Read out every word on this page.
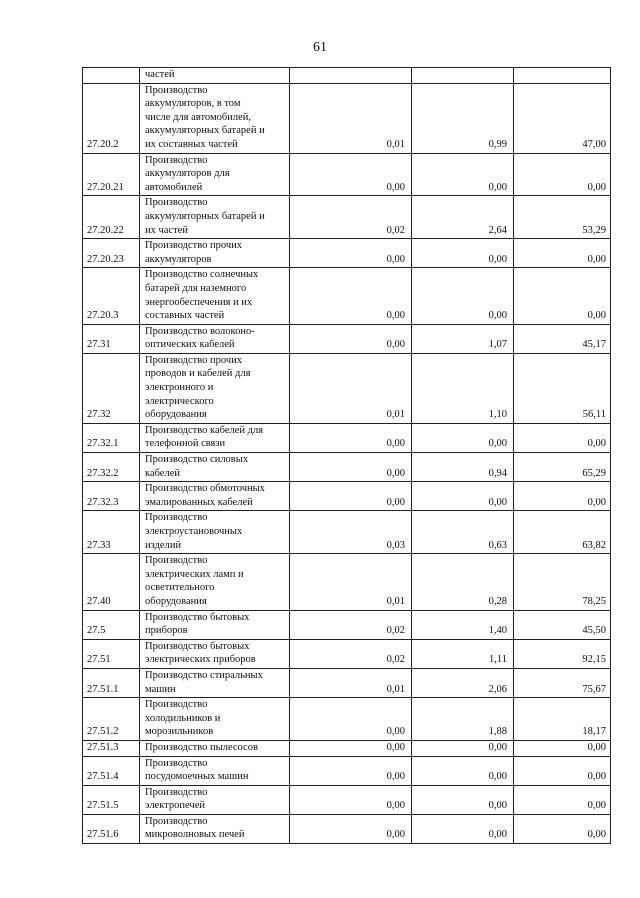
61
	частей			
27.20.2	Производство
аккумуляторов, в том
числе для автомобилей,
аккумуляторных батарей и
их составных частей	0,01	0,99	47,00
27.20.21	Производство
аккумуляторов для
автомобилей	0,00	0,00	0,00
27.20.22	Производство
аккумуляторных батарей и
их частей	0,02	2,64	53,29
27.20.23	Производство прочих
аккумуляторов	0,00	0,00	0,00
27.20.3	Производство солнечных
батарей для наземного
энергообеспечения и их
составных частей	0,00	0,00	0,00
27.31	Производство волоконо-
оптических кабелей	0,00	1,07	45,17
27.32	Производство прочих
проводов и кабелей для
электронного и
электрического
оборудования	0,01	1,10	56,11
27.32.1	Производство кабелей для
телефонной связи	0,00	0,00	0,00
27.32.2	Производство силовых
кабелей	0,00	0,94	65,29
27.32.3	Производство обмоточных
эмалированных кабелей	0,00	0,00	0,00
27.33	Производство
электроустановочных
изделий	0,03	0,63	63,82
27.40	Производство
электрических ламп и
осветительного
оборудования	0,01	0,28	78,25
27.5	Производство бытовых
приборов	0,02	1,40	45,50
27.51	Производство бытовых
электрических приборов	0,02	1,11	92,15
27.51.1	Производство стиральных
машин	0,01	2,06	75,67
27.51.2	Производство
холодильников и
морозильников	0,00	1,88	18,17
27.51.3	Производство пылесосов	0,00	0,00	0,00
27.51.4	Производство
посудомоечных машин	0,00	0,00	0,00
27.51.5	Производство
электропечей	0,00	0,00	0,00
27.51.6	Производство
микроволновых печей	0,00	0,00	0,00
